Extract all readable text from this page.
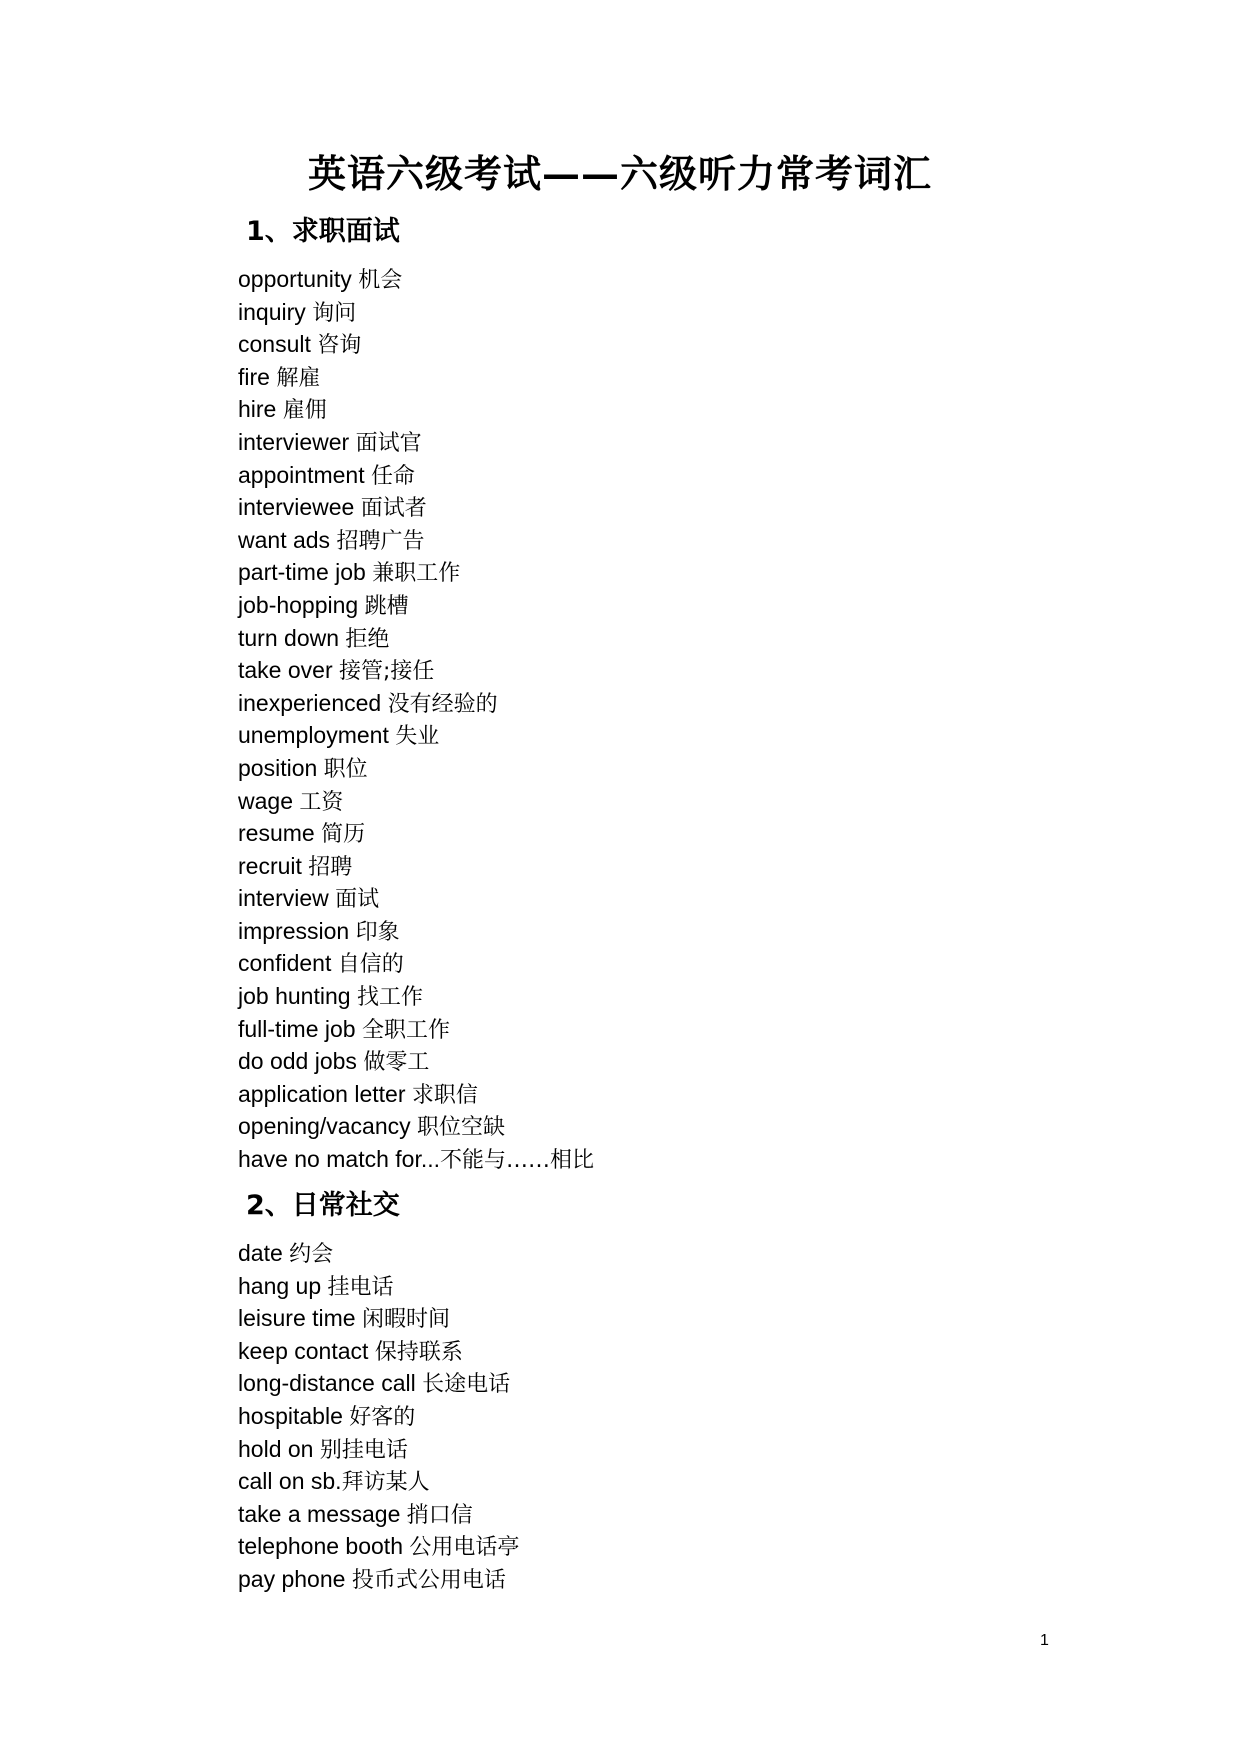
英语六级考试——六级听力常考词汇
1、求职面试
opportunity 机会
inquiry 询问
consult 咨询
fire 解雇
hire 雇佣
interviewer 面试官
appointment 任命
interviewee 面试者
want ads 招聘广告
part-time job 兼职工作
job-hopping 跳槽
turn down 拒绝
take over 接管;接任
inexperienced 没有经验的
unemployment 失业
position 职位
wage 工资
resume 简历
recruit 招聘
interview 面试
impression 印象
confident 自信的
job hunting 找工作
full-time job 全职工作
do odd jobs 做零工
application letter 求职信
opening/vacancy 职位空缺
have no match for...不能与……相比
2、日常社交
date 约会
hang up 挂电话
leisure time 闲暇时间
keep contact 保持联系
long-distance call 长途电话
hospitable 好客的
hold on 别挂电话
call on sb.拜访某人
take a message 捎口信
telephone booth 公用电话亭
pay phone 投币式公用电话
1
